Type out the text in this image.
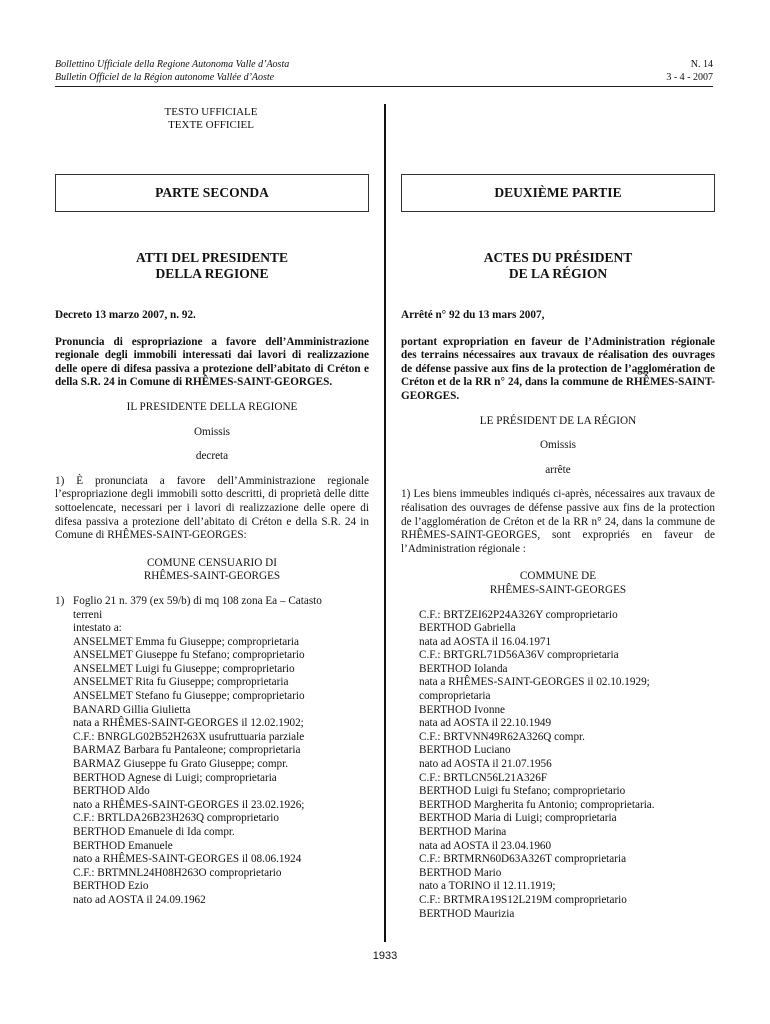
Bollettino Ufficiale della Regione Autonoma Valle d’Aosta
Bulletin Officiel de la Région autonome Vallée d’Aoste
N. 14
3 - 4 - 2007
TESTO UFFICIALE
TEXTE OFFICIEL
PARTE SECONDA
ATTI DEL PRESIDENTE
DELLA REGIONE
Decreto 13 marzo 2007, n. 92.
Pronuncia di espropriazione a favore dell’Amministrazione regionale degli immobili interessati dai lavori di realizzazione delle opere di difesa passiva a protezione dell’abitato di Créton e della S.R. 24 in Comune di RHÊMES-SAINT-GEORGES.
IL PRESIDENTE DELLA REGIONE
Omissis
decreta
1) È pronunciata a favore dell’Amministrazione regionale l’espropriazione degli immobili sotto descritti, di proprietà delle ditte sottoelencate, necessari per i lavori di realizzazione delle opere di difesa passiva a protezione dell’abitato di Créton e della S.R. 24 in Comune di RHÊMES-SAINT-GEORGES:
COMUNE CENSUARIO DI
RHÊMES-SAINT-GEORGES
1) Foglio 21 n. 379 (ex 59/b) di mq 108 zona Ea – Catasto
terreni
intestato a:
ANSELMET Emma fu Giuseppe; comproprietaria
ANSELMET Giuseppe fu Stefano; comproprietario
ANSELMET Luigi fu Giuseppe; comproprietario
ANSELMET Rita fu Giuseppe; comproprietaria
ANSELMET Stefano fu Giuseppe; comproprietario
BANARD Gillia Giulietta
nata a RHÊMES-SAINT-GEORGES il 12.02.1902;
C.F.: BNRGLG02B52H263X usufruttuaria parziale
BARMAZ Barbara fu Pantaleone; comproprietaria
BARMAZ Giuseppe fu Grato Giuseppe; compr.
BERTHOD Agnese di Luigi; comproprietaria
BERTHOD Aldo
nato a RHÊMES-SAINT-GEORGES il 23.02.1926;
C.F.: BRTLDA26B23H263Q comproprietario
BERTHOD Emanuele di Ida compr.
BERTHOD Emanuele
nato a RHÊMES-SAINT-GEORGES il 08.06.1924
C.F.: BRTMNL24H08H263O comproprietario
BERTHOD Ezio
nato ad AOSTA il 24.09.1962
DEUXIÈME PARTIE
ACTES DU PRÉSIDENT
DE LA RÉGION
Arrêté n° 92 du 13 mars 2007,
portant expropriation en faveur de l’Administration régionale des terrains nécessaires aux travaux de réalisation des ouvrages de défense passive aux fins de la protection de l’agglomération de Créton et de la RR n° 24, dans la commune de RHÊMES-SAINT-GEORGES.
LE PRÉSIDENT DE LA RÉGION
Omissis
arrête
1) Les biens immeubles indiqués ci-après, nécessaires aux travaux de réalisation des ouvrages de défense passive aux fins de la protection de l’agglomération de Créton et de la RR n° 24, dans la commune de RHÊMES-SAINT-GEORGES, sont expropriés en faveur de l’Administration régionale :
COMMUNE DE
RHÊMES-SAINT-GEORGES
C.F.: BRTZEI62P24A326Y comproprietario
BERTHOD Gabriella
nata ad AOSTA il 16.04.1971
C.F.: BRTGRL71D56A36V comproprietaria
BERTHOD Iolanda
nata a RHÊMES-SAINT-GEORGES il 02.10.1929;
comproprietaria
BERTHOD Ivonne
nata ad AOSTA il 22.10.1949
C.F.: BRTVNN49R62A326Q compr.
BERTHOD Luciano
nato ad AOSTA il 21.07.1956
C.F.: BRTLCN56L21A326F
BERTHOD Luigi fu Stefano; comproprietario
BERTHOD Margherita fu Antonio; comproprietaria.
BERTHOD Maria di Luigi; comproprietaria
BERTHOD Marina
nata ad AOSTA il 23.04.1960
C.F.: BRTMRN60D63A326T comproprietaria
BERTHOD Mario
nato a TORINO il 12.11.1919;
C.F.: BRTMRA19S12L219M comproprietario
BERTHOD Maurizia
1933
